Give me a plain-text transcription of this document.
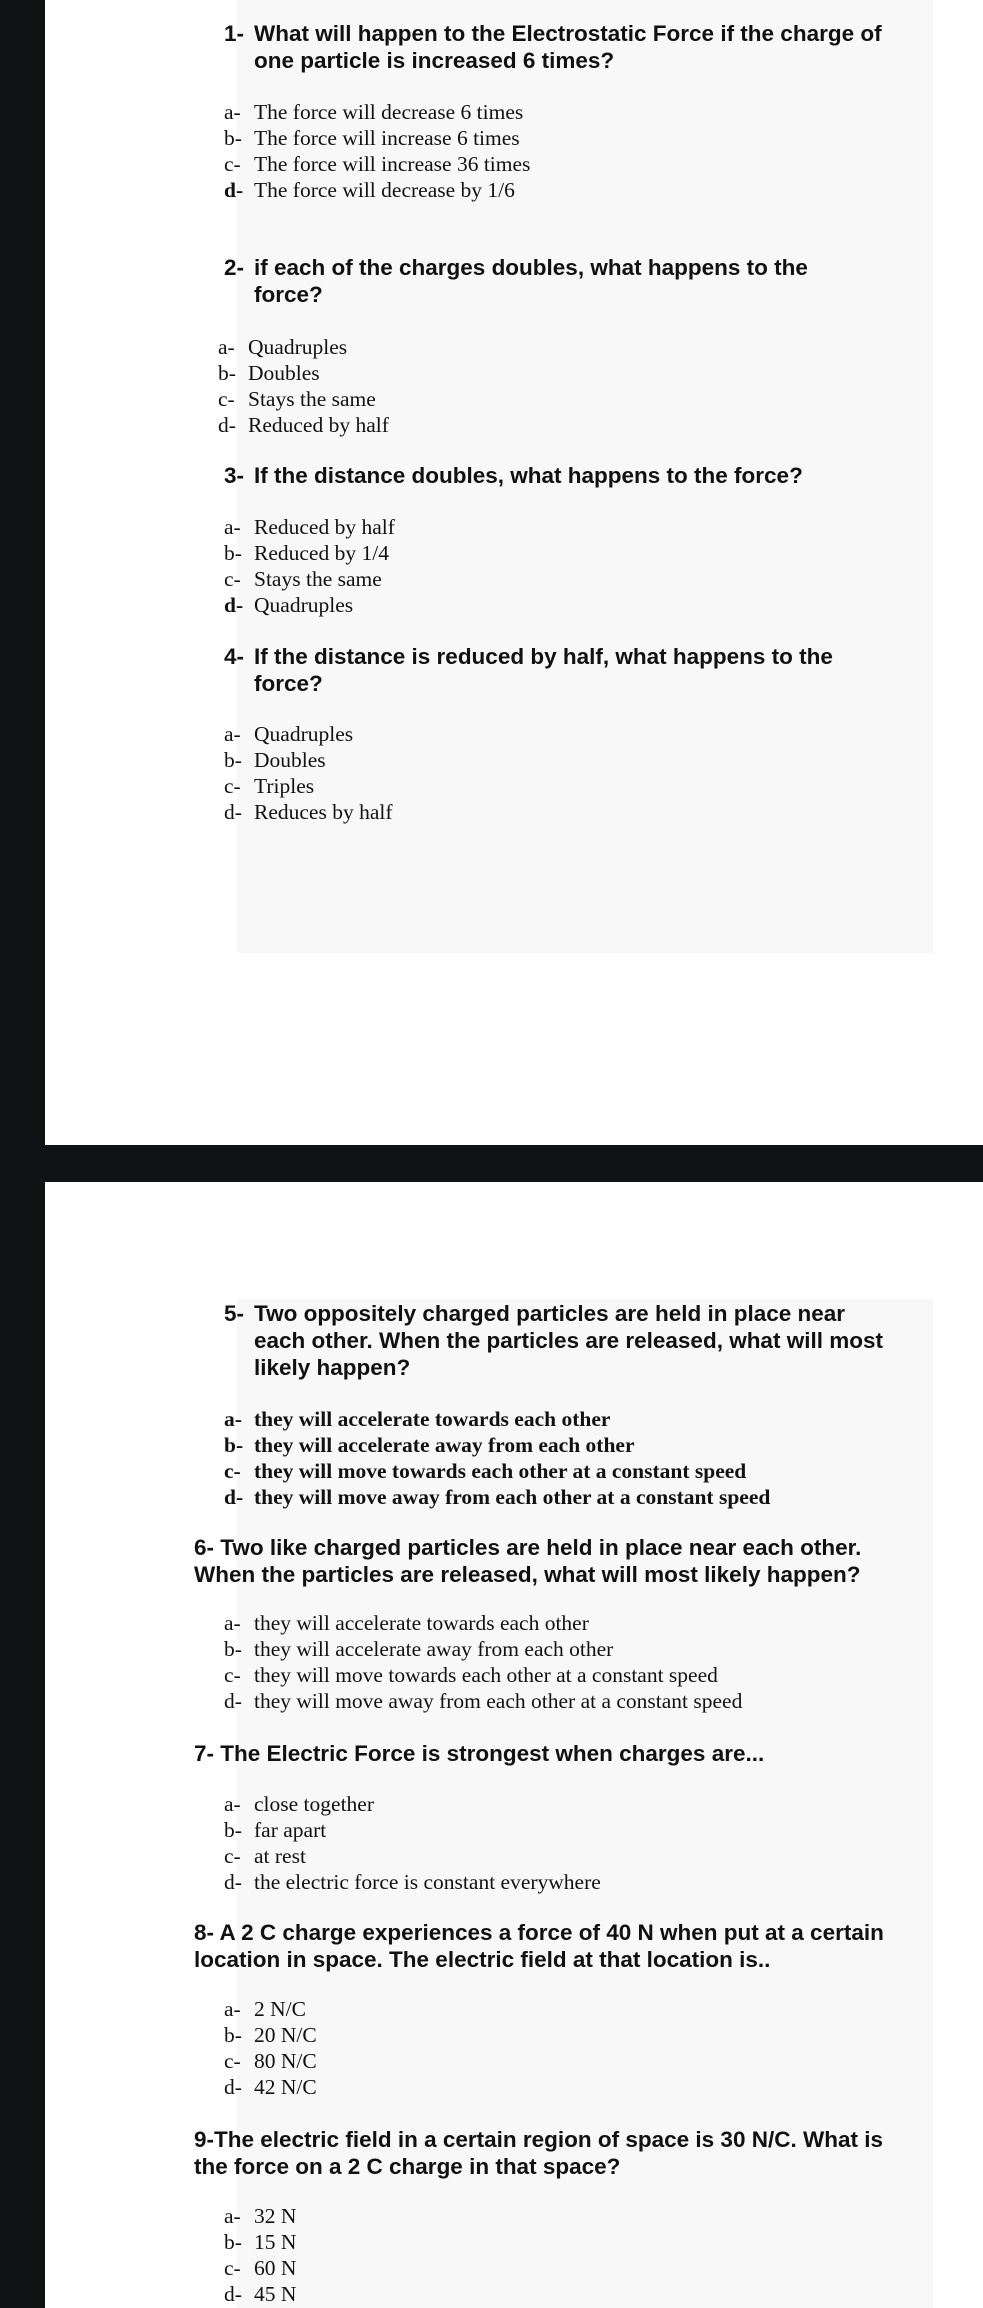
1- What will happen to the Electrostatic Force if the charge of one particle is increased 6 times?
a- The force will decrease 6 times
b- The force will increase 6 times
c- The force will increase 36 times
d- The force will decrease by 1/6
2- if each of the charges doubles, what happens to the force?
a- Quadruples
b- Doubles
c- Stays the same
d- Reduced by half
3- If the distance doubles, what happens to the force?
a- Reduced by half
b- Reduced by 1/4
c- Stays the same
d- Quadruples
4- If the distance is reduced by half, what happens to the force?
a- Quadruples
b- Doubles
c- Triples
d- Reduces by half
5- Two oppositely charged particles are held in place near each other. When the particles are released, what will most likely happen?
a- they will accelerate towards each other
b- they will accelerate away from each other
c- they will move towards each other at a constant speed
d- they will move away from each other at a constant speed
6- Two like charged particles are held in place near each other. When the particles are released, what will most likely happen?
a- they will accelerate towards each other
b- they will accelerate away from each other
c- they will move towards each other at a constant speed
d- they will move away from each other at a constant speed
7- The Electric Force is strongest when charges are...
a- close together
b- far apart
c- at rest
d- the electric force is constant everywhere
8- A 2 C charge experiences a force of 40 N when put at a certain location in space. The electric field at that location is..
a- 2 N/C
b- 20 N/C
c- 80 N/C
d- 42 N/C
9-The electric field in a certain region of space is 30 N/C. What is the force on a 2 C charge in that space?
a- 32 N
b- 15 N
c- 60 N
d- 45 N
